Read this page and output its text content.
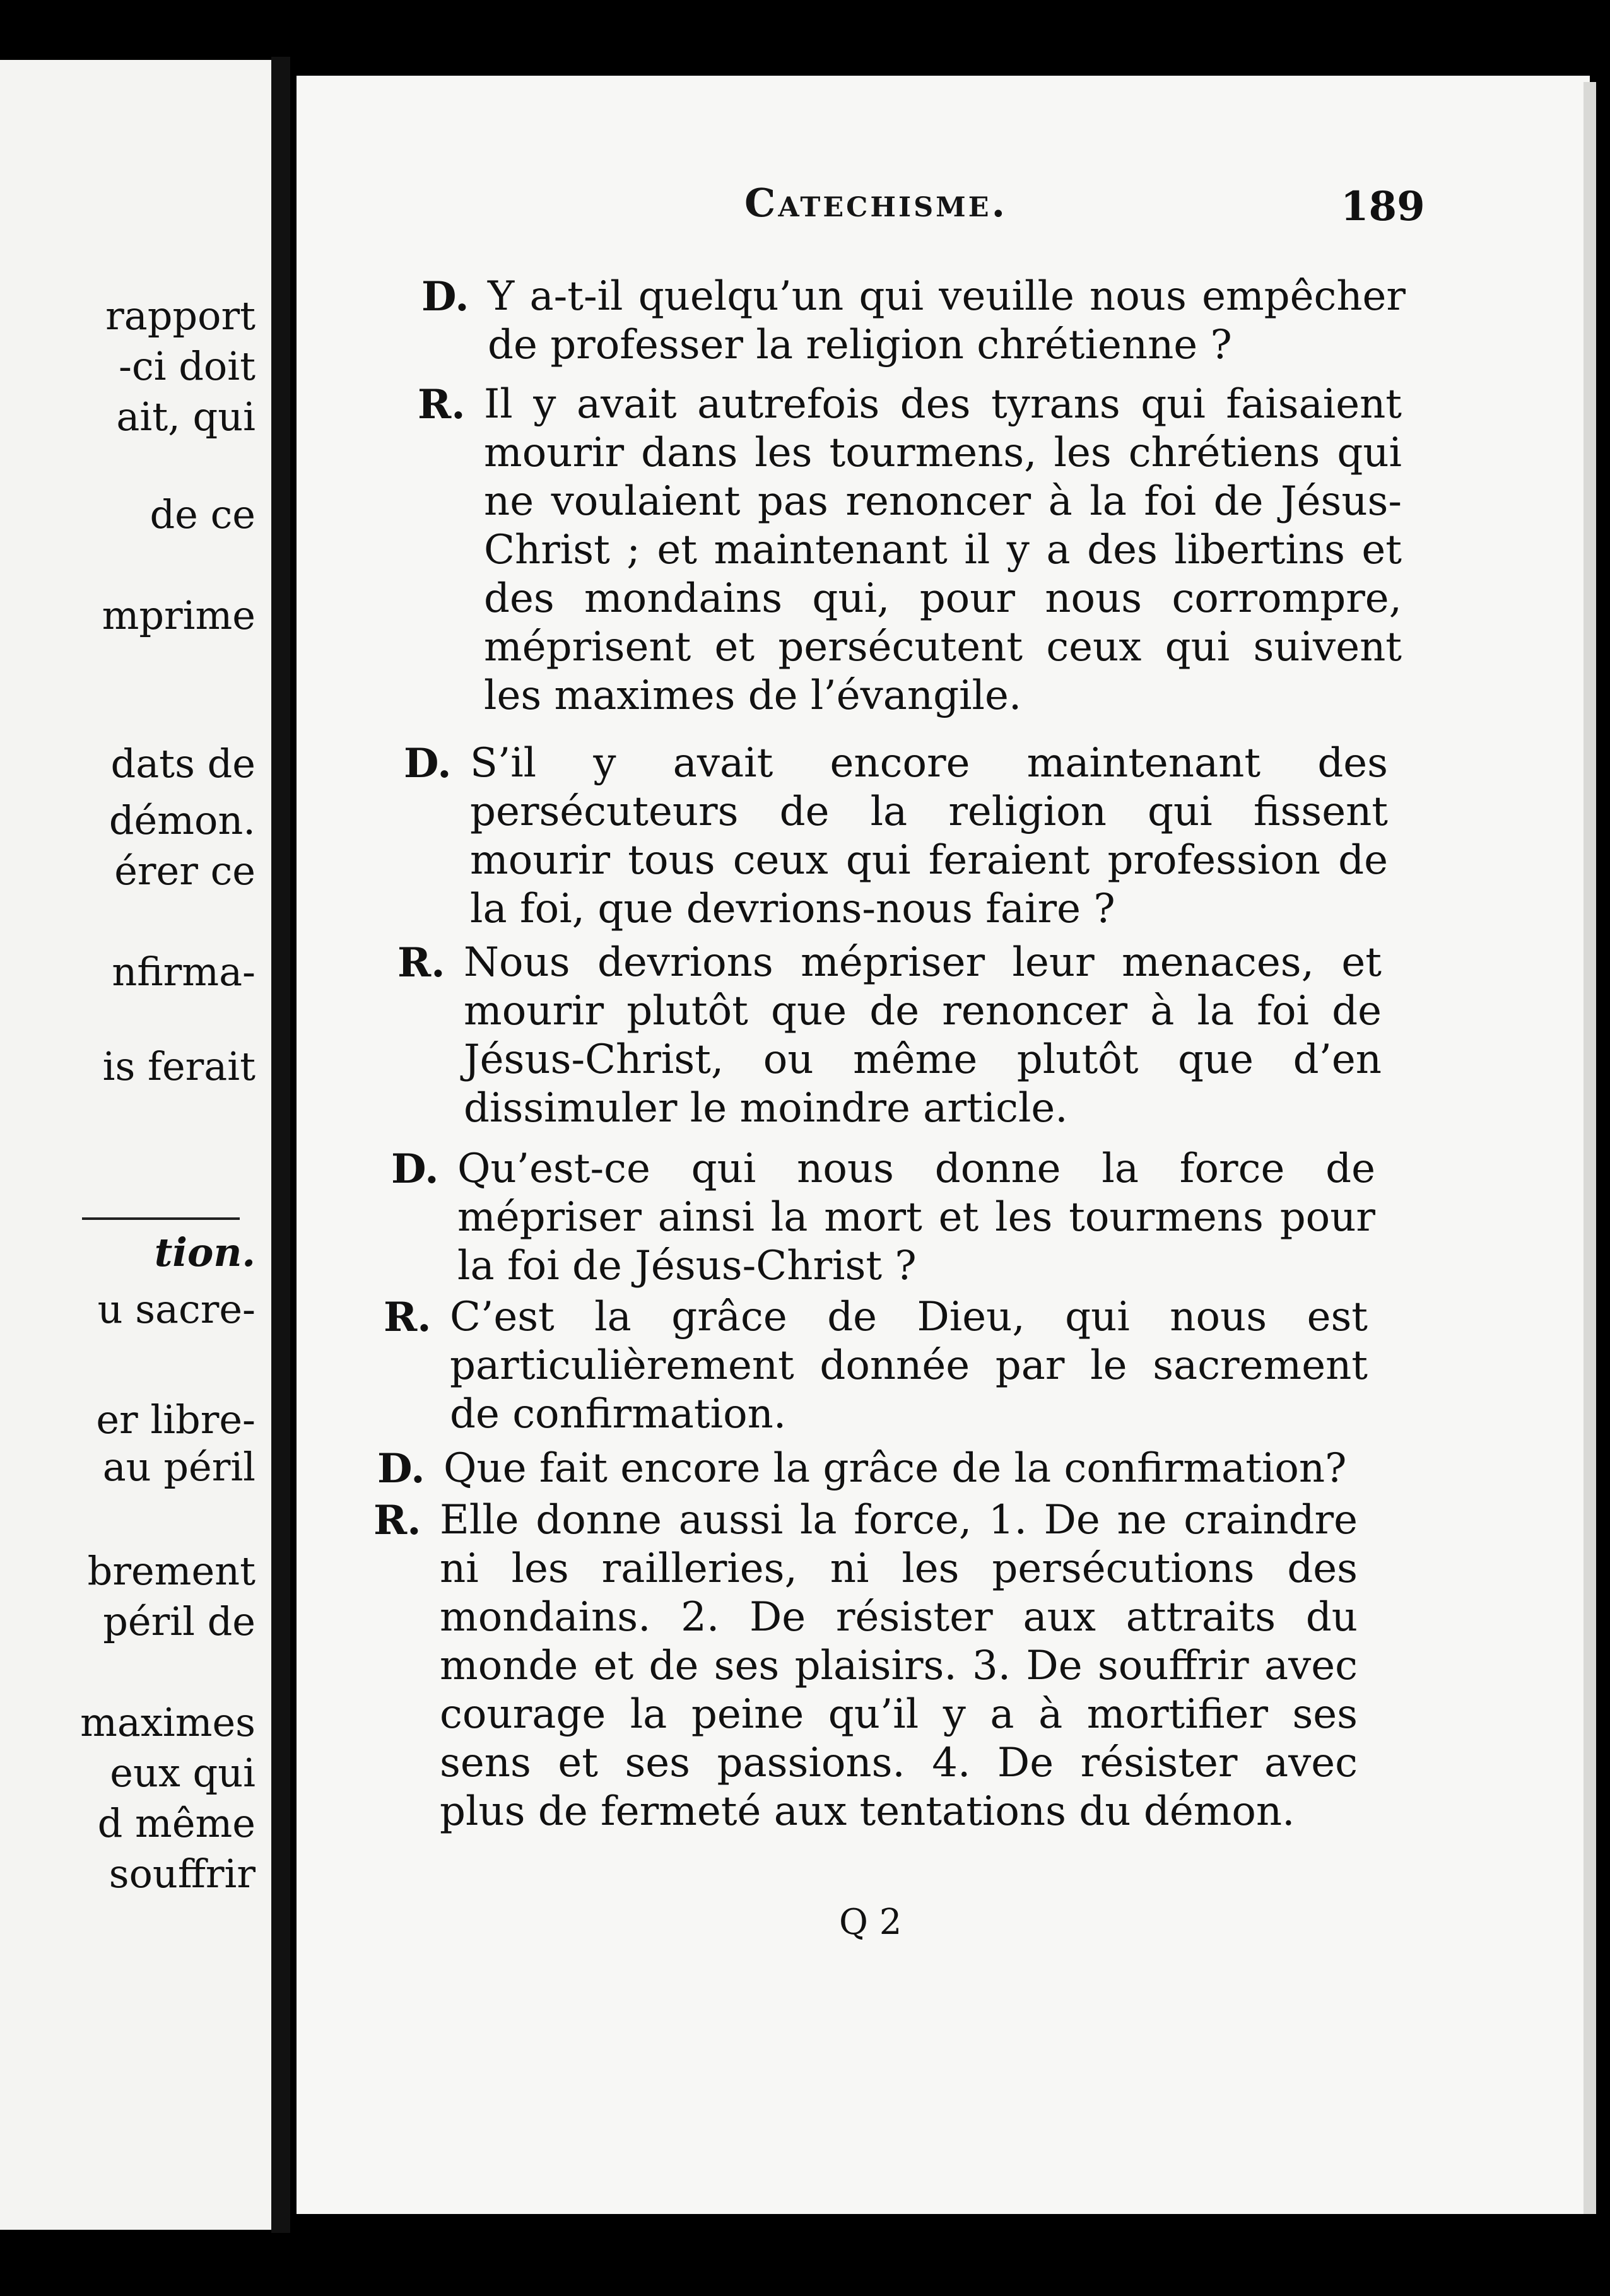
rapport
-ci doit
ait, qui
de ce
mprime
dats de
démon.
érer ce
nfirma-
is ferait
tion.
u sacre-
er libre-
au péril
brement
péril de
maximes
eux qui
d même
souffrir
Catechisme.	189
D. Y a-t-il quelqu’un qui veuille nous empêcher de professer la religion chrétienne ?
R. Il y avait autrefois des tyrans qui faisaient mourir dans les tourmens, les chrétiens qui ne voulaient pas renoncer à la foi de Jésus-Christ ; et maintenant il y a des libertins et des mondains qui, pour nous corrompre, méprisent et persécutent ceux qui suivent les maximes de l’évangile.
D. S’il y avait encore maintenant des persécuteurs de la religion qui fissent mourir tous ceux qui feraient profession de la foi, que devrions-nous faire ?
R. Nous devrions mépriser leur menaces, et mourir plutôt que de renoncer à la foi de Jésus-Christ, ou même plutôt que d’en dissimuler le moindre article.
D. Qu’est-ce qui nous donne la force de mépriser ainsi la mort et les tourmens pour la foi de Jésus-Christ ?
R. C’est la grâce de Dieu, qui nous est particulièrement donnée par le sacrement de confirmation.
D. Que fait encore la grâce de la confirmation?
R. Elle donne aussi la force, 1. De ne craindre ni les railleries, ni les persécutions des mondains. 2. De résister aux attraits du monde et de ses plaisirs. 3. De souffrir avec courage la peine qu’il y a à mortifier ses sens et ses passions. 4. De résister avec plus de fermeté aux tentations du démon.
Q 2
